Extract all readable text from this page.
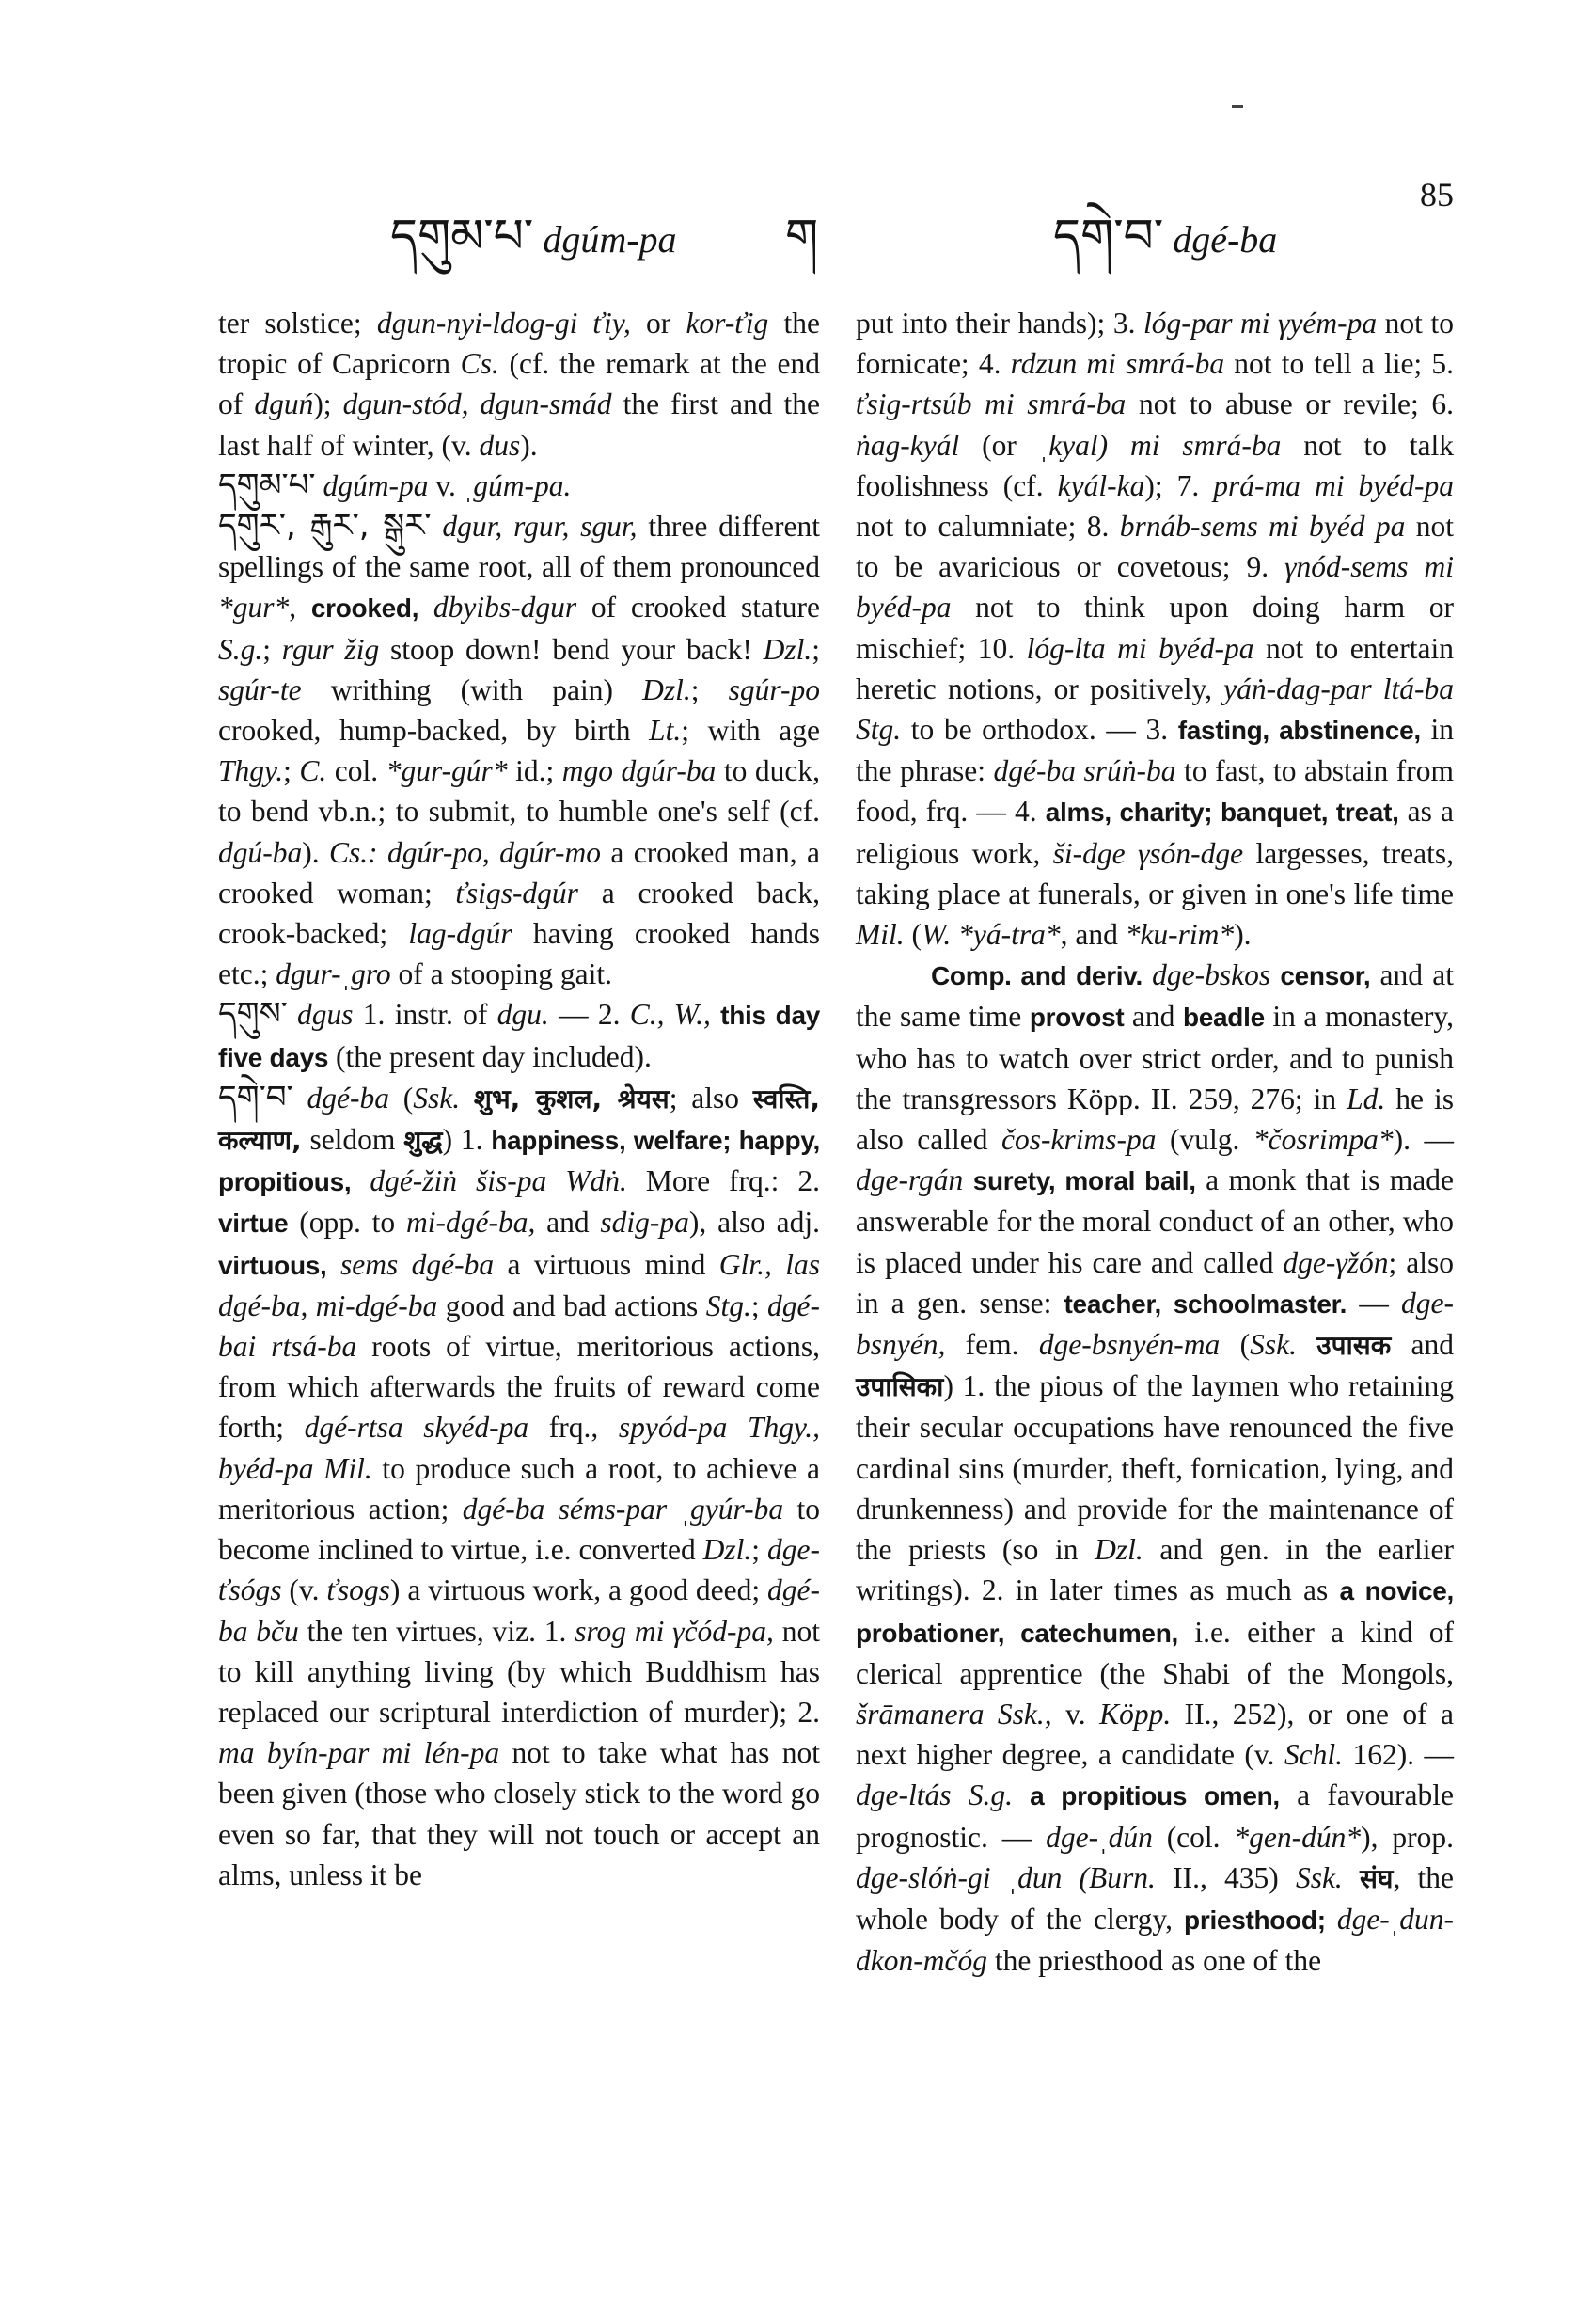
དགུམ་པ་ dgúm-pa ག	དགེ་བ་ dgé-ba
85

ter solstice; dgun-nyi-ldog-gi ťiy, or kor-ťig the tropic of Capricorn Cs. (cf. the remark at the end of dguń); dgun-stód, dgun-smád the first and the last half of winter, (v. dus).

དགུམ་པ་ dgúm-pa v. ˌgúm-pa.

དགུར་, རྒུར་, སྒུར་ dgur, rgur, sgur, three different spellings of the same root, all of them pronounced *gur*, crooked, dbyibs-dgur of crooked stature S.g.; rgur žig stoop down! bend your back! Dzl.; sgúr-te writhing (with pain) Dzl.; sgúr-po crooked, hump-backed, by birth Lt.; with age Thgy.; C. col. *gur-gúr* id.; mgo dgúr-ba to duck, to bend vb.n.; to submit, to humble one's self (cf. dgú-ba). Cs.: dgúr-po, dgúr-mo a crooked man, a crooked woman; ťsigs-dgúr a crooked back, crook-backed; lag-dgúr having crooked hands etc.; dgur-ˌgro of a stooping gait.

དགུས་ dgus 1. instr. of dgu. — 2. C., W., this day five days (the present day included).

དགེ་བ་ dgé-ba (Ssk. शुभ, कुशल, श्रेयस; also स्वस्ति, कल्याण, seldom शुद्ध) 1. happiness, welfare; happy, propitious, dgé-žiṅ šis-pa Wdṅ. More frq.: 2. virtue (opp. to mi-dgé-ba, and sdig-pa), also adj. virtuous, sems dgé-ba a virtuous mind Glr., las dgé-ba, mi-dgé-ba good and bad actions Stg.; dgé-bai rtsá-ba roots of virtue, meritorious actions, from which afterwards the fruits of reward come forth; dgé-rtsa skyéd-pa frq., spyód-pa Thgy., byéd-pa Mil. to produce such a root, to achieve a meritorious action; dgé-ba séms-par ˌgyúr-ba to become inclined to virtue, i.e. converted Dzl.; dge-ťsógs (v. ťsogs) a virtuous work, a good deed; dgé-ba bču the ten virtues, viz. 1. srog mi γčód-pa, not to kill anything living (by which Buddhism has replaced our scriptural interdiction of murder); 2. ma byín-par mi lén-pa not to take what has not been given (those who closely stick to the word go even so far, that they will not touch or accept an alms, unless it be

put into their hands); 3. lóg-par mi γyém-pa not to fornicate; 4. rdzun mi smrá-ba not to tell a lie; 5. ťsig-rtsúb mi smrá-ba not to abuse or revile; 6. ṅag-kyál (or ˌkyal) mi smrá-ba not to talk foolishness (cf. kyál-ka); 7. prá-ma mi byéd-pa not to calumniate; 8. brnáb-sems mi byéd pa not to be avaricious or covetous; 9. γnód-sems mi byéd-pa not to think upon doing harm or mischief; 10. lóg-lta mi byéd-pa not to entertain heretic notions, or positively, yáṅ-dag-par ltá-ba Stg. to be orthodox. — 3. fasting, abstinence, in the phrase: dgé-ba srúṅ-ba to fast, to abstain from food, frq. — 4. alms, charity; banquet, treat, as a religious work, ši-dge γsón-dge largesses, treats, taking place at funerals, or given in one's life time Mil. (W. *yá-tra*, and *ku-rim*).

Comp. and deriv. dge-bskos censor, and at the same time provost and beadle in a monastery, who has to watch over strict order, and to punish the transgressors Köpp. II. 259, 276; in Ld. he is also called čos-krims-pa (vulg. *čosrimpa*). — dge-rgán surety, moral bail, a monk that is made answerable for the moral conduct of an other, who is placed under his care and called dge-γžón; also in a gen. sense: teacher, schoolmaster. — dge-bsnyén, fem. dge-bsnyén-ma (Ssk. उपासक and उपासिका) 1. the pious of the laymen who retaining their secular occupations have renounced the five cardinal sins (murder, theft, fornication, lying, and drunkenness) and provide for the maintenance of the priests (so in Dzl. and gen. in the earlier writings). 2. in later times as much as a novice, probationer, catechumen, i.e. either a kind of clerical apprentice (the Shabi of the Mongols, šrāmanera Ssk., v. Köpp. II., 252), or one of a next higher degree, a candidate (v. Schl. 162). — dge-ltás S.g. a propitious omen, a favourable prognostic. — dge-ˌdún (col. *gen-dún*), prop. dge-slóṅ-gi ˌdun (Burn. II., 435) Ssk. संघ, the whole body of the clergy, priesthood; dge-ˌdun-dkon-mčóg the priesthood as one of the
